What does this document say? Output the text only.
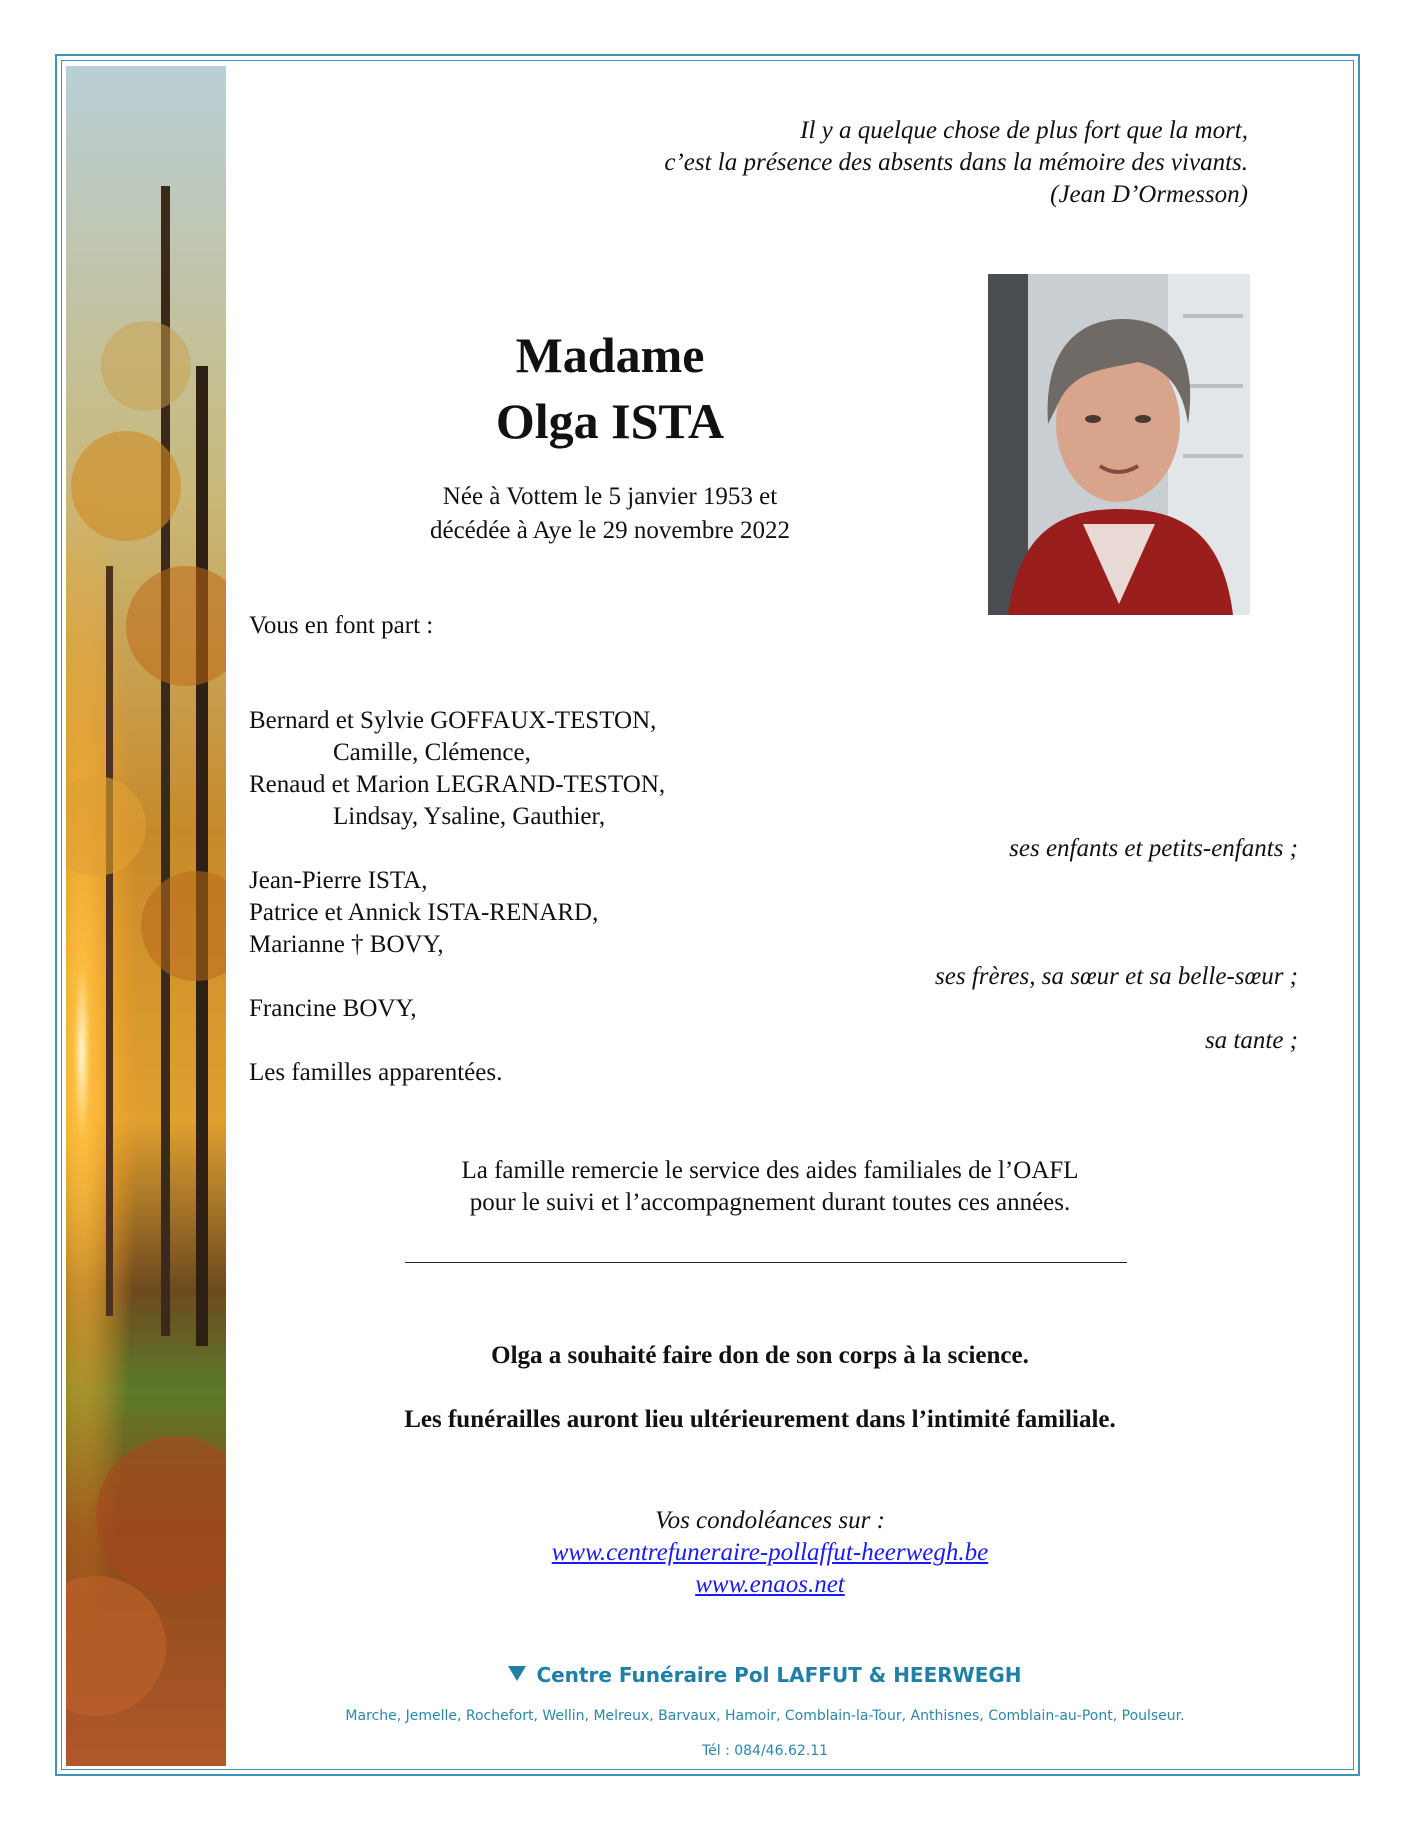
Il y a quelque chose de plus fort que la mort,
c’est la présence des absents dans la mémoire des vivants.
(Jean D’Ormesson)
Madame
Olga ISTA
Née à Vottem le 5 janvier 1953 et
décédée à Aye le 29 novembre 2022
Vous en font part :
Bernard et Sylvie GOFFAUX-TESTON,
Camille, Clémence,
Renaud et Marion LEGRAND-TESTON,
Lindsay, Ysaline, Gauthier,
ses enfants et petits-enfants ;
Jean-Pierre ISTA,
Patrice et Annick ISTA-RENARD,
Marianne † BOVY,
ses frères, sa sœur et sa belle-sœur ;
Francine BOVY,
sa tante ;
Les familles apparentées.
La famille remercie le service des aides familiales de l’OAFL
pour le suivi et l’accompagnement durant toutes ces années.
Olga a souhaité faire don de son corps à la science.
Les funérailles auront lieu ultérieurement dans l’intimité familiale.
Vos condoléances sur :
www.centrefuneraire-pollaffut-heerwegh.be
www.enaos.net
Centre Funéraire Pol LAFFUT & HEERWEGH
Marche, Jemelle, Rochefort, Wellin, Melreux, Barvaux, Hamoir, Comblain-la-Tour, Anthisnes, Comblain-au-Pont, Poulseur.
Tél : 084/46.62.11
